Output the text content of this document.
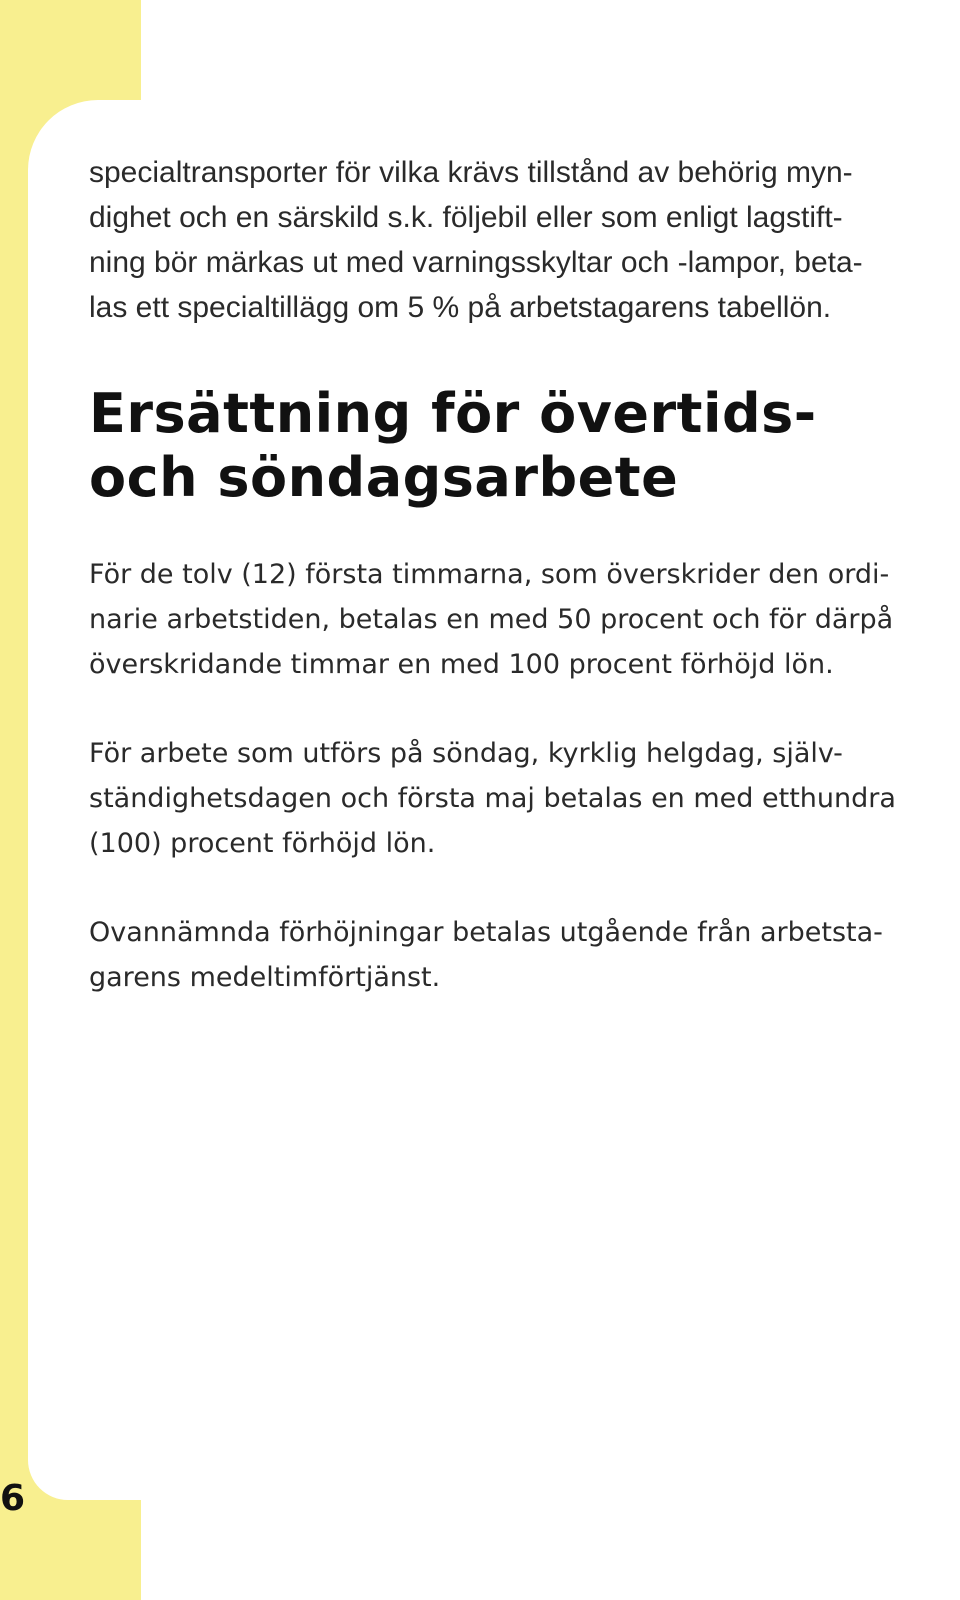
specialtransporter för vilka krävs tillstånd av behörig myn-
dighet och en särskild s.k. följebil eller som enligt lagstift-
ning bör märkas ut med varningsskyltar och -lampor, beta-
las ett specialtillägg om 5 % på arbetstagarens tabellön.

Ersättning för övertids-
och söndagsarbete

För de tolv (12) första timmarna, som överskrider den ordi-
narie arbetstiden, betalas en med 50 procent och för därpå
överskridande timmar en med 100 procent förhöjd lön.

För arbete som utförs på söndag, kyrklig helgdag, själv-
ständighetsdagen och första maj betalas en med etthundra
(100) procent förhöjd lön.

Ovannämnda förhöjningar betalas utgående från arbetsta-
garens medeltimförtjänst.

6
